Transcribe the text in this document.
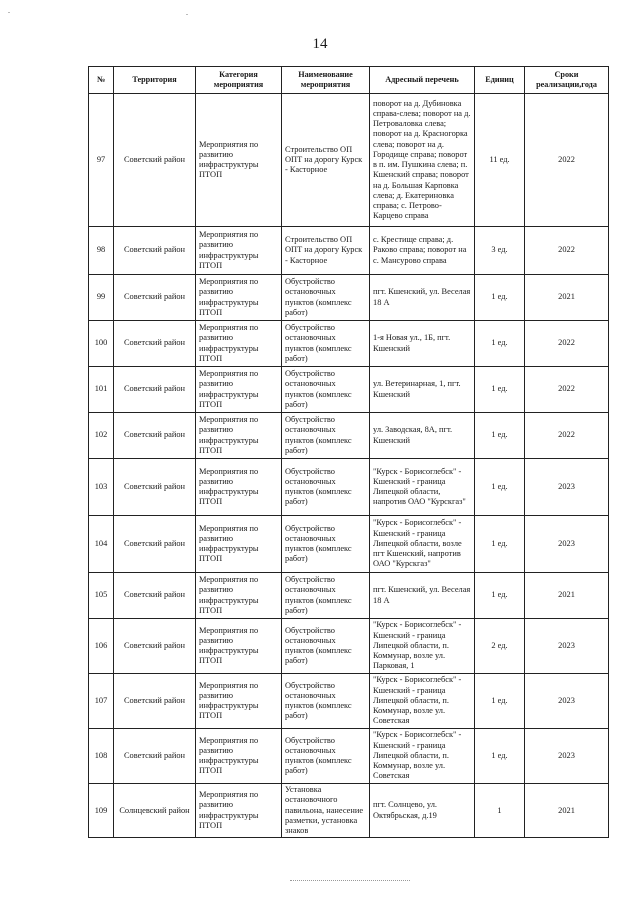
14
№	Территория	Категория мероприятия	Наименование мероприятия	Адресный перечень	Единиц	Сроки реализации,года
97	Советский район	Мероприятия по развитию инфраструктуры ПТОП	Строительство ОП ОПТ на дорогу Курск - Касторное	поворот на д. Дубиновка справа-слева; поворот на д. Петроваловка слева; поворот на д. Красногорка слева; поворот на д. Городище справа; поворот в п. им. Пушкина слева; п. Кшенский справа; поворот на д. Большая Карповка слева; д. Екатериновка справа; с. Петрово-Карцево справа	11 ед.	2022
98	Советский район	Мероприятия по развитию инфраструктуры ПТОП	Строительство ОП ОПТ на дорогу Курск - Касторное	с. Крестище справа; д. Раково справа; поворот на с. Мансурово справа	3 ед.	2022
99	Советский район	Мероприятия по развитию инфраструктуры ПТОП	Обустройство остановочных пунктов (комплекс работ)	пгт. Кшенский, ул. Веселая 18 А	1 ед.	2021
100	Советский район	Мероприятия по развитию инфраструктуры ПТОП	Обустройство остановочных пунктов (комплекс работ)	1-я Новая ул., 1Б, пгт. Кшенский	1 ед.	2022
101	Советский район	Мероприятия по развитию инфраструктуры ПТОП	Обустройство остановочных пунктов (комплекс работ)	ул. Ветеринарная, 1, пгт. Кшенский	1 ед.	2022
102	Советский район	Мероприятия по развитию инфраструктуры ПТОП	Обустройство остановочных пунктов (комплекс работ)	ул. Заводская, 8А, пгт. Кшенский	1 ед.	2022
103	Советский район	Мероприятия по развитию инфраструктуры ПТОП	Обустройство остановочных пунктов (комплекс работ)	"Курск - Борисоглебск" - Кшенский - граница Липецкой области, напротив ОАО "Курскгаз"	1 ед.	2023
104	Советский район	Мероприятия по развитию инфраструктуры ПТОП	Обустройство остановочных пунктов (комплекс работ)	"Курск - Борисоглебск" - Кшенский - граница Липецкой области, возле пгт Кшенский, напротив ОАО "Курскгаз"	1 ед.	2023
105	Советский район	Мероприятия по развитию инфраструктуры ПТОП	Обустройство остановочных пунктов (комплекс работ)	пгт. Кшенский, ул. Веселая 18 А	1 ед.	2021
106	Советский район	Мероприятия по развитию инфраструктуры ПТОП	Обустройство остановочных пунктов (комплекс работ)	"Курск - Борисоглебск" - Кшенский - граница Липецкой области, п. Коммунар, возле ул. Парковая, 1	2 ед.	2023
107	Советский район	Мероприятия по развитию инфраструктуры ПТОП	Обустройство остановочных пунктов (комплекс работ)	"Курск - Борисоглебск" - Кшенский - граница Липецкой области, п. Коммунар, возле ул. Советская	1 ед.	2023
108	Советский район	Мероприятия по развитию инфраструктуры ПТОП	Обустройство остановочных пунктов (комплекс работ)	"Курск - Борисоглебск" - Кшенский - граница Липецкой области, п. Коммунар, возле ул. Советская	1 ед.	2023
109	Солнцевский район	Мероприятия по развитию инфраструктуры ПТОП	Установка остановочного павильона, нанесение разметки, установка знаков	пгт. Солнцево, ул. Октябрьская, д.19	1	2021
